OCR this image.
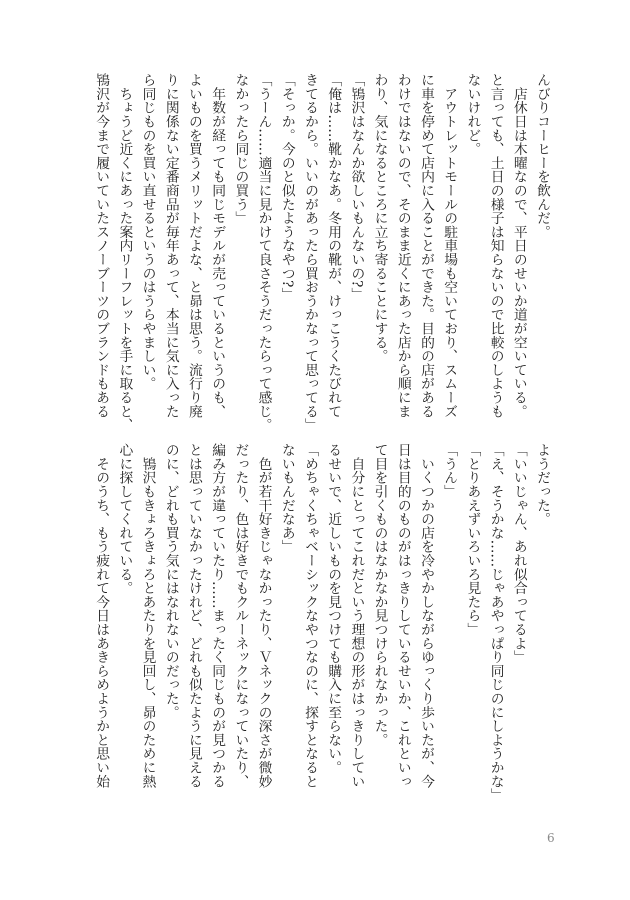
んびりコーヒーを飲んだ。
　店休日は木曜なので、平日のせいか道が空いている。
と言っても、土日の様子は知らないので比較のしようも
ないけれど。
　アウトレットモールの駐車場も空いており、スムーズ
に車を停めて店内に入ることができた。目的の店がある
わけではないので、そのまま近くにあった店から順にま
わり、気になるところに立ち寄ることにする。
「鴇沢はなんか欲しいもんないの?」
「俺は……靴かなあ。冬用の靴が、けっこうくたびれて
きてるから。いいのがあったら買おうかなって思ってる」
「そっか。今のと似たようなやつ?」
「うーん……適当に見かけて良さそうだったらって感じ。
なかったら同じの買う」
　年数が経っても同じモデルが売っているというのも、
よいものを買うメリットだよな、と昴は思う。流行り廃
りに関係ない定番商品が毎年あって、本当に気に入った
ら同じものを買い直せるというのはうらやましい。
　ちょうど近くにあった案内リーフレットを手に取ると、
鴇沢が今まで履いていたスノーブーツのブランドもある
ようだった。
「いいじゃん、あれ似合ってるよ」
「え、そうかな……じゃあやっぱり同じのにしようかな」
「とりあえずいろいろ見たら」
「うん」
　いくつかの店を冷やかしながらゆっくり歩いたが、今
日は目的のものがはっきりしているせいか、これといっ
て目を引くものはなかなか見つけられなかった。
　自分にとってこれだという理想の形がはっきりしてい
るせいで、近しいものを見つけても購入に至らない。
「めちゃくちゃベーシックなやつなのに、探すとなると
ないもんだなあ」
　色が若干好きじゃなかったり、Ｖネックの深さが微妙
だったり、色は好きでもクルーネックになっていたり、
編み方が違っていたり……まったく同じものが見つかる
とは思っていなかったけれど、どれも似たように見える
のに、どれも買う気にはなれないのだった。
　鴇沢もきょろきょろとあたりを見回し、昴のために熱
心に探してくれている。
　そのうち、もう疲れて今日はあきらめようかと思い始
6
